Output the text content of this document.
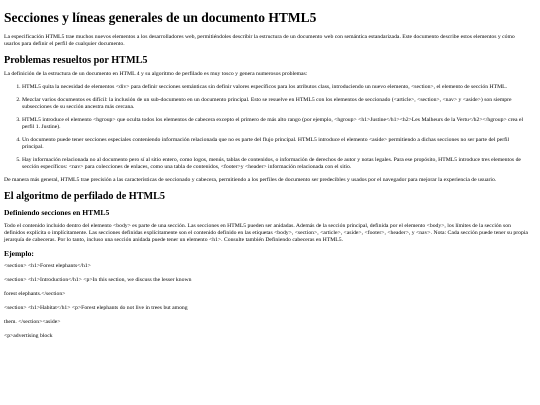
Secciones y líneas generales de un documento HTML5

La especificación HTML5 trae muchos nuevos elementos a los desarrolladores web, permitiéndoles describir la estructura de un documento web con semántica estandarizada. Este documento describe estos elementos y cómo usarlos para definir el perfil de cualquier documento.

Problemas resueltos por HTML5

La definición de la estructura de un documento en HTML 4 y su algoritmo de perfilado es muy tosco y genera numerosos problemas:

1. HTML5 quita la necesidad de elementos <div> para definir secciones semánticas sin definir valores específicos para los atributos class, introduciendo un nuevo elemento, <section>, el elemento de sección HTML.
2. Mezclar varios documentos es difícil: la inclusión de un sub-documento en un documento principal. Esto se resuelve en HTML5 con los elementos de seccionado (<article>, <section>, <nav> y <aside>) son siempre subsecciones de su sección ancestra más cercana.
3. HTML5 introduce el elemento <hgroup> que oculta todos los elementos de cabecera excepto el primero de más alto rango (por ejemplo, <hgroup> <h1>Justine</h1><h2>Les Malheurs de la Vertu</h2></hgroup> crea el perfil 1. Justine).
4. Un documento puede tener secciones especiales conteniendo información relacionada que no es parte del flujo principal. HTML5 introduce el elemento <aside> permitiendo a dichas secciones no ser parte del perfil principal.
5. Hay información relacionada no al documento pero sí al sitio entero, como logos, menús, tablas de contenidos, o información de derechos de autor y notas legales. Para ese propósito, HTML5 introduce tres elementos de sección específicos: <nav> para colecciones de enlaces, como una tabla de contenidos, <footer>y <header> información relacionada con el sitio.

De manera más general, HTML5 trae precisión a las características de seccionado y cabecera, permitiendo a los perfiles de documento ser predecibles y usados por el navegador para mejorar la experiencia de usuario.

El algoritmo de perfilado de HTML5
Definiendo secciones en HTML5

Todo el contenido incluido dentro del elemento <body> es parte de una sección. Las secciones en HTML5 pueden ser anidadas. Además de la sección principal, definida por el elemento <body>, los límites de la sección son definidos explícita o implícitamente. Las secciones definidas explícitamente son el contenido definido en las etiquetas <body>, <section>, <article>, <aside>, <footer>, <header>, y <nav>. Nota: Cada sección puede tener su propia jerarquía de cabeceras. Por lo tanto, incluso una sección anidada puede tener un elemento <h1>. Consulte también Definiendo cabeceras en HTML5.

Ejemplo:

<section> <h1>Forest elephants</h1>

<section> <h1>Introduction</h1> <p>In this section, we discuss the lesser known

forest elephants.</section>

<section> <h1>Habitat</h1> <p>Forest elephants do not live in trees but among

them. </section><aside>

<p>advertising block
